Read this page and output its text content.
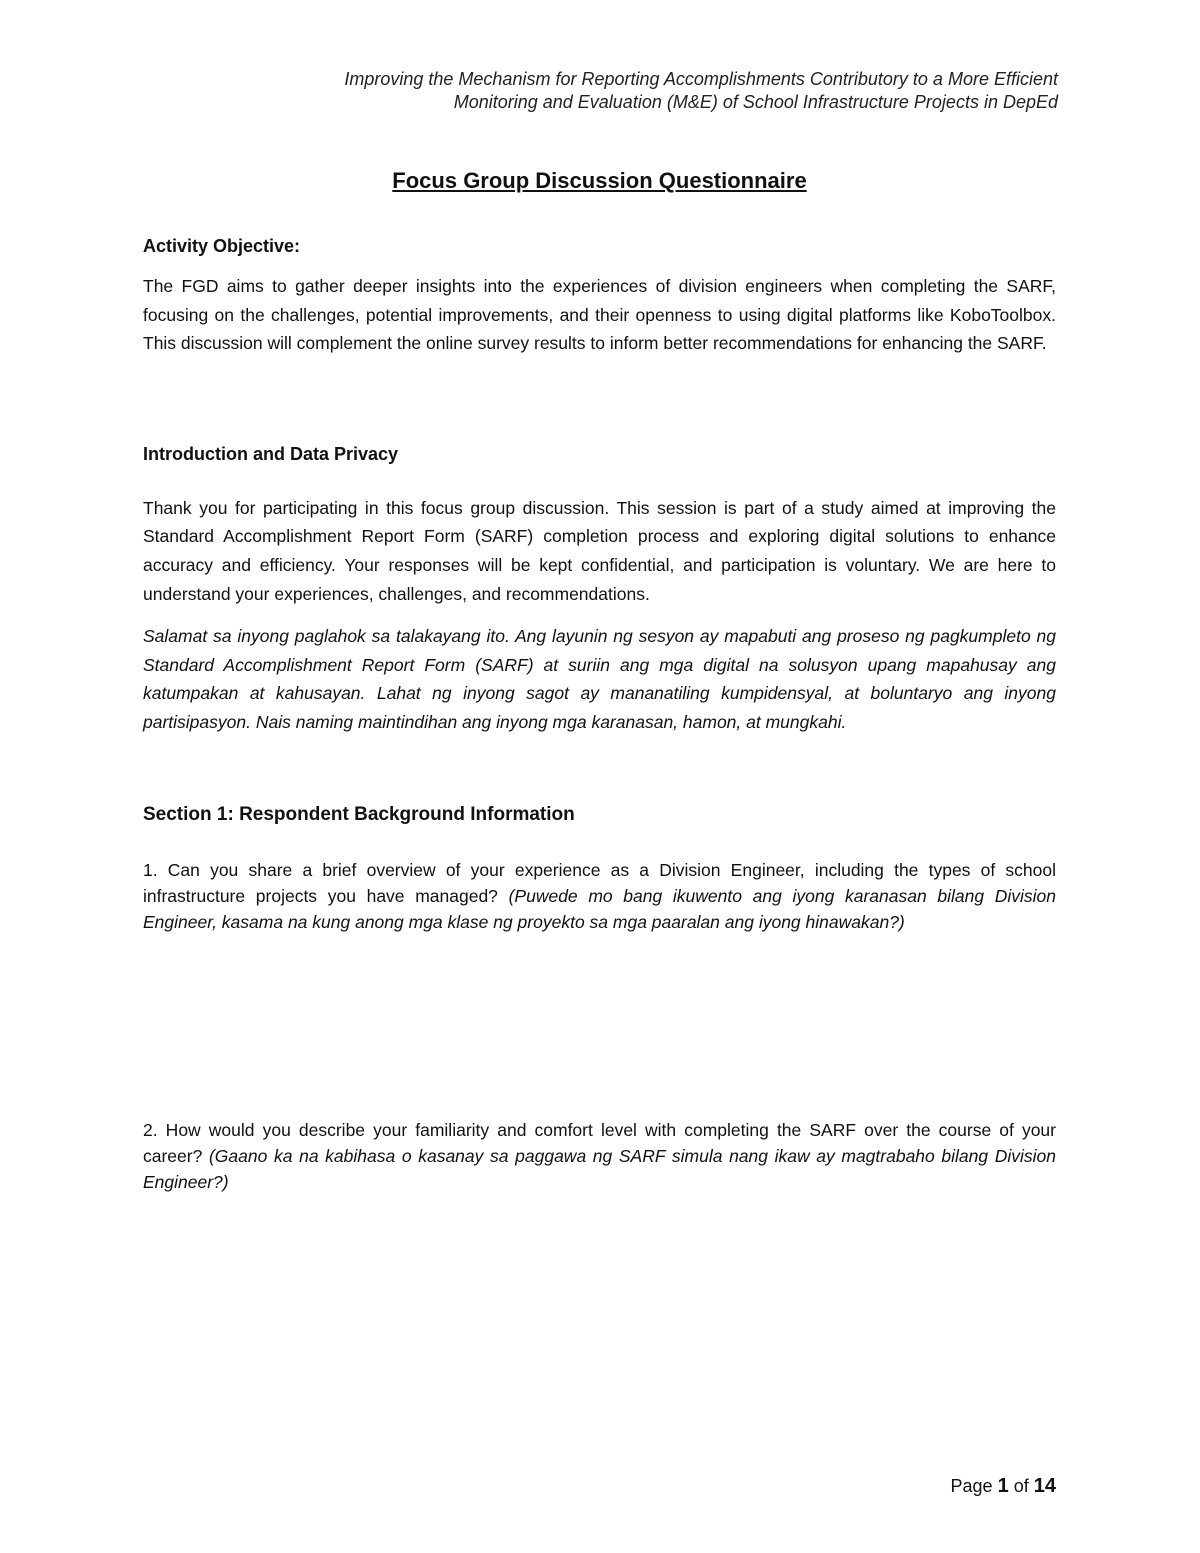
Improving the Mechanism for Reporting Accomplishments Contributory to a More Efficient
Monitoring and Evaluation (M&E) of School Infrastructure Projects in DepEd
Focus Group Discussion Questionnaire
Activity Objective:

The FGD aims to gather deeper insights into the experiences of division engineers when completing the SARF, focusing on the challenges, potential improvements, and their openness to using digital platforms like KoboToolbox. This discussion will complement the online survey results to inform better recommendations for enhancing the SARF.

Introduction and Data Privacy

Thank you for participating in this focus group discussion. This session is part of a study aimed at improving the Standard Accomplishment Report Form (SARF) completion process and exploring digital solutions to enhance accuracy and efficiency. Your responses will be kept confidential, and participation is voluntary. We are here to understand your experiences, challenges, and recommendations.

Salamat sa inyong paglahok sa talakayang ito. Ang layunin ng sesyon ay mapabuti ang proseso ng pagkumpleto ng Standard Accomplishment Report Form (SARF) at suriin ang mga digital na solusyon upang mapahusay ang katumpakan at kahusayan. Lahat ng inyong sagot ay mananatiling kumpidensyal, at boluntaryo ang inyong partisipasyon. Nais naming maintindihan ang inyong mga karanasan, hamon, at mungkahi.

Section 1: Respondent Background Information

1. Can you share a brief overview of your experience as a Division Engineer, including the types of school infrastructure projects you have managed? (Puwede mo bang ikuwento ang iyong karanasan bilang Division Engineer, kasama na kung anong mga klase ng proyekto sa mga paaralan ang iyong hinawakan?)

2. How would you describe your familiarity and comfort level with completing the SARF over the course of your career? (Gaano ka na kabihasa o kasanay sa paggawa ng SARF simula nang ikaw ay magtrabaho bilang Division Engineer?)

Page 1 of 14
